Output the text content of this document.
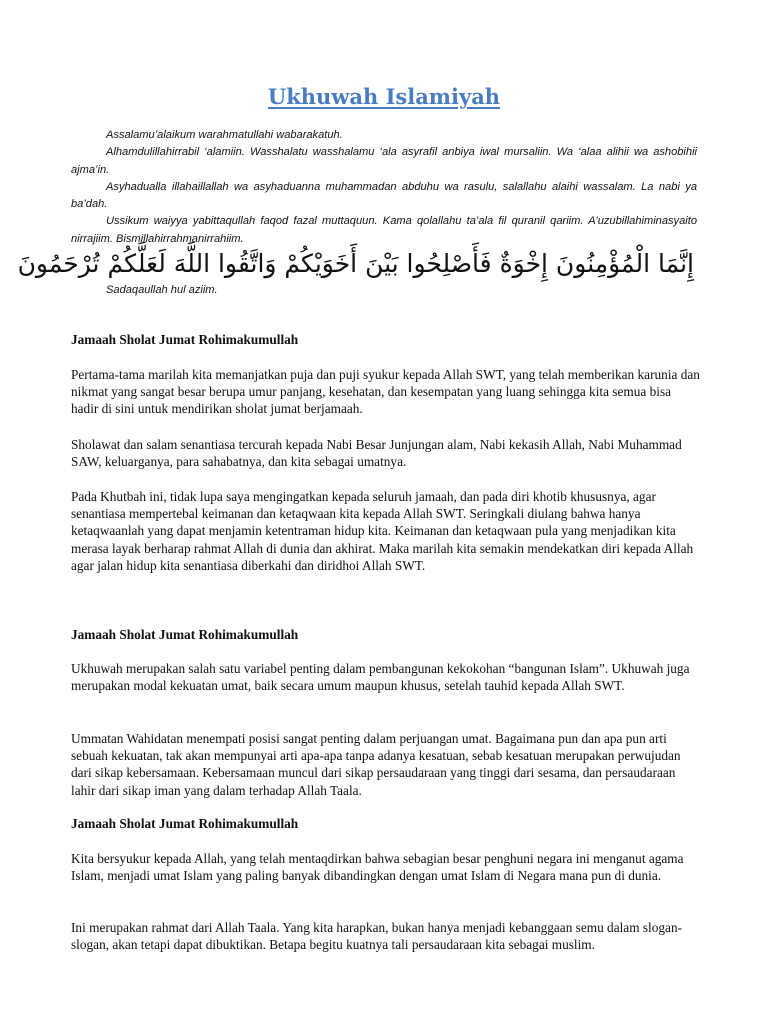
Ukhuwah Islamiyah

Assalamu’alaikum warahmatullahi wabarakatuh.

Alhamdulillahirrabil ‘alamiin. Wasshalatu wasshalamu ‘ala asyrafil anbiya iwal mursaliin. Wa ‘alaa alihii wa ashobihii ajma’in.

Asyhadualla illahaillallah wa asyhaduanna muhammadan abduhu wa rasulu, salallahu alaihi wassalam. La nabi ya ba’dah.

Ussikum waiyya yabittaqullah faqod fazal muttaquun. Kama qolallahu ta’ala fil quranil qariim. A’uzubillahiminasyaito nirrajiim. Bismillahirrahmanirrahiim.

إِنَّمَا الْمُؤْمِنُونَ إِخْوَةٌ فَأَصْلِحُوا بَيْنَ أَخَوَيْكُمْ وَاتَّقُوا اللَّهَ لَعَلَّكُمْ تُرْحَمُونَ
Sadaqaullah hul aziim.
Jamaah Sholat Jumat Rohimakumullah

Pertama-tama marilah kita memanjatkan puja dan puji syukur kepada Allah SWT, yang telah memberikan karunia dan nikmat yang sangat besar berupa umur panjang, kesehatan, dan kesempatan yang luang sehingga kita semua bisa hadir di sini untuk mendirikan sholat jumat berjamaah.

Sholawat dan salam senantiasa tercurah kepada Nabi Besar Junjungan alam, Nabi kekasih Allah, Nabi Muhammad SAW, keluarganya, para sahabatnya, dan kita sebagai umatnya.

Pada Khutbah ini, tidak lupa saya mengingatkan kepada seluruh jamaah, dan pada diri khotib khususnya, agar senantiasa mempertebal keimanan dan ketaqwaan kita kepada Allah SWT. Seringkali diulang bahwa hanya ketaqwaanlah yang dapat menjamin ketentraman hidup kita. Keimanan dan ketaqwaan pula yang menjadikan kita merasa layak berharap rahmat Allah di dunia dan akhirat. Maka marilah kita semakin mendekatkan diri kepada Allah agar jalan hidup kita senantiasa diberkahi dan diridhoi Allah SWT.

Jamaah Sholat Jumat Rohimakumullah

Ukhuwah merupakan salah satu variabel penting dalam pembangunan kekokohan “bangunan Islam”. Ukhuwah juga merupakan modal kekuatan umat, baik secara umum maupun khusus, setelah tauhid kepada Allah SWT.

Ummatan Wahidatan menempati posisi sangat penting dalam perjuangan umat. Bagaimana pun dan apa pun arti sebuah kekuatan, tak akan mempunyai arti apa-apa tanpa adanya kesatuan, sebab kesatuan merupakan perwujudan dari sikap kebersamaan. Kebersamaan muncul dari sikap persaudaraan yang tinggi dari sesama, dan persaudaraan lahir dari sikap iman yang dalam terhadap Allah Taala.

Jamaah Sholat Jumat Rohimakumullah

Kita bersyukur kepada Allah, yang telah mentaqdirkan bahwa sebagian besar penghuni negara ini menganut agama Islam, menjadi umat Islam yang paling banyak dibandingkan dengan umat Islam di Negara mana pun di dunia.

Ini merupakan rahmat dari Allah Taala. Yang kita harapkan, bukan hanya menjadi kebanggaan semu dalam slogan-slogan, akan tetapi dapat dibuktikan. Betapa begitu kuatnya tali persaudaraan kita sebagai muslim.
